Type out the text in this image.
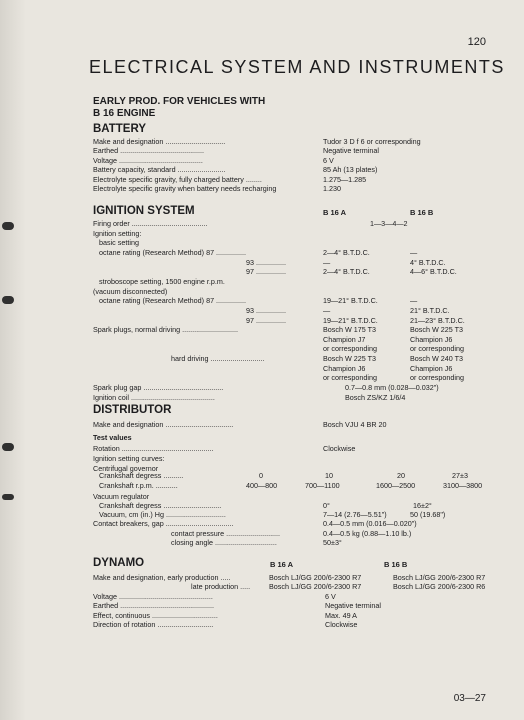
120
ELECTRICAL SYSTEM AND INSTRUMENTS
EARLY PROD. FOR VEHICLES WITH
B 16 ENGINE
BATTERY
Make and designation ..............................	Tudor 3 D f 6 or corresponding
Earthed ..........................................	Negative terminal
Voltage ..........................................	6 V
Battery capacity, standard ........................	85 Ah (13 plates)
Electrolyte specific gravity, fully charged battery ........	1.275—1.285
Electrolyte specific gravity when battery needs recharging	1.230
IGNITION SYSTEM	B 16 A	B 16 B
Firing order ......................................	1—3—4—2
Ignition setting:
basic setting
octane rating (Research Method) 87 ...............	2—4° B.T.D.C.	—
93 ...............	—	4° B.T.D.C.
97 ...............	2—4° B.T.D.C.	4—6° B.T.D.C.
stroboscope setting, 1500 engine r.p.m.
(vacuum disconnected)
octane rating (Research Method) 87 ...............	19—21° B.T.D.C.	—
93 ...............	—	21° B.T.D.C.
97 ...............	19—21° B.T.D.C.	21—23° B.T.D.C.
Spark plugs, normal driving ............................	Bosch W 175 T3	Bosch W 225 T3
Champion J7	Champion J6
or corresponding	or corresponding
hard driving ...........................	Bosch W 225 T3	Bosch W 240 T3
Champion J6	Champion J6
or corresponding	or corresponding
Spark plug gap ........................................	0.7—0.8 mm (0.028—0.032")
Ignition coil ..........................................	Bosch ZS/KZ 1/6/4
DISTRIBUTOR
Make and designation ..................................	Bosch VJU 4 BR 20
Test values
Rotation ..............................................	Clockwise
Ignition setting curves:
Centrifugal governor
Crankshaft degress ..........	0	10	20	27±3
Crankshaft r.p.m. ...........	400—800	700—1100	1600—2500	3100—3800
Vacuum regulator
Crankshaft degress .............................	0°	16±2°
Vacuum, cm (in.) Hg ..............................	7—14 (2.76—5.51")	50 (19.68")
Contact breakers, gap ..................................	0.4—0.5 mm (0.016—0.020")
contact pressure ...........................	0.4—0.5 kg (0.88—1.10 lb.)
closing angle ...............................	50±3°
DYNAMO	B 16 A	B 16 B
Make and designation, early production .....	Bosch LJ/GG 200/6-2300 R7	Bosch LJ/GG 200/6-2300 R7
late production .....	Bosch LJ/GG 200/6-2300 R7	Bosch LJ/GG 200/6-2300 R6
Voltage ...............................................	6 V
Earthed ...............................................	Negative terminal
Effect, continuous .................................	Max. 49 A
Direction of rotation ............................	Clockwise
03—27
